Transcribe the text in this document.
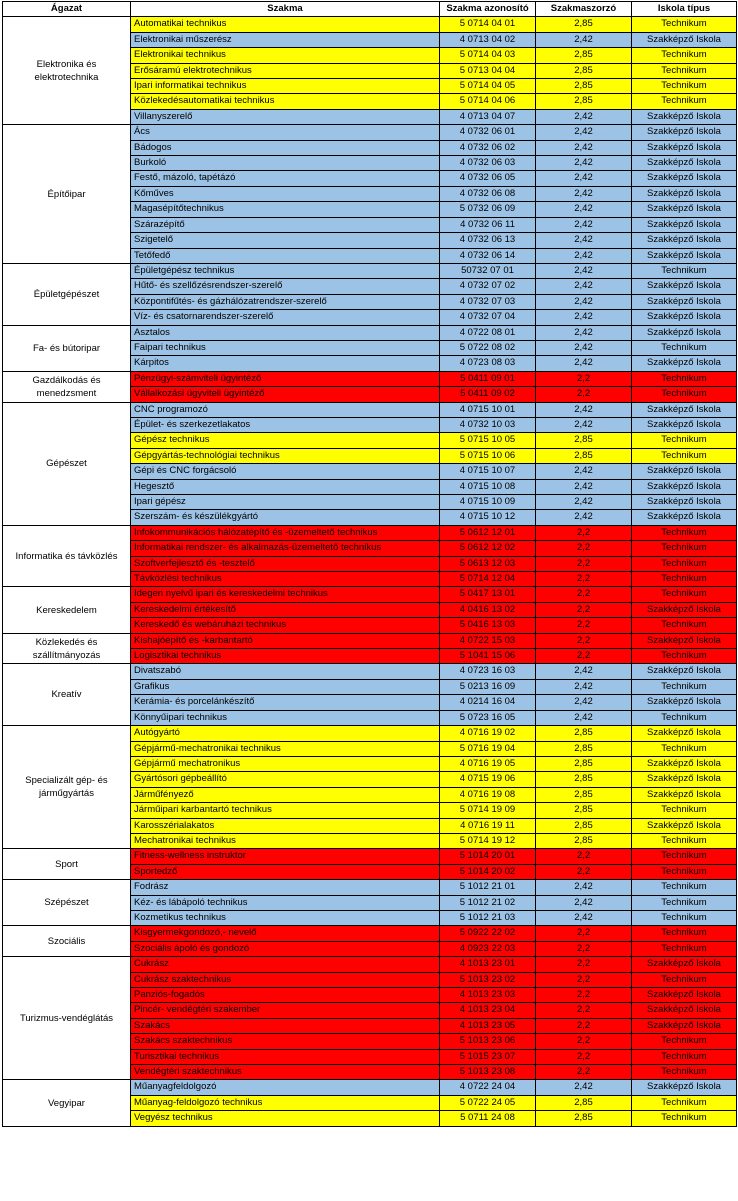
Ágazat	Szakma	Szakma azonosító	Szakmaszorzó	Iskola típus
Elektronika és elektrotechnika	Automatikai technikus	5 0714 04 01	2,85	Technikum
	Elektronikai műszerész	4 0713 04 02	2,42	Szakképző Iskola
	Elektronikai technikus	5 0714 04 03	2,85	Technikum
	Erősáramú elektrotechnikus	5 0713 04 04	2,85	Technikum
	Ipari informatikai technikus	5 0714 04 05	2,85	Technikum
	Közlekedésautomatikai technikus	5 0714 04 06	2,85	Technikum
	Villanyszerelő	4 0713 04 07	2,42	Szakképző Iskola
Építőipar	Ács	4 0732 06 01	2,42	Szakképző Iskola
	Bádogos	4 0732 06 02	2,42	Szakképző Iskola
	Burkoló	4 0732 06 03	2,42	Szakképző Iskola
	Festő, mázoló, tapétázó	4 0732 06 05	2,42	Szakképző Iskola
	Kőműves	4 0732 06 08	2,42	Szakképző Iskola
	Magasépítőtechnikus	5 0732 06 09	2,42	Szakképző Iskola
	Szárazépítő	4 0732 06 11	2,42	Szakképző Iskola
	Szigetelő	4 0732 06 13	2,42	Szakképző Iskola
	Tetőfedő	4 0732 06 14	2,42	Szakképző Iskola
Épületgépészet	Épületgépész technikus	50732 07 01	2,42	Technikum
	Hűtő- és szellőzésrendszer-szerelő	4 0732 07 02	2,42	Szakképző Iskola
	Központifűtés- és gázhálózatrendszer-szerelő	4 0732 07 03	2,42	Szakképző Iskola
	Víz- és csatornarendszer-szerelő	4 0732 07 04	2,42	Szakképző Iskola
Fa- és bútoripar	Asztalos	4 0722 08 01	2,42	Szakképző Iskola
	Faipari technikus	5 0722 08 02	2,42	Technikum
	Kárpitos	4 0723 08 03	2,42	Szakképző Iskola
Gazdálkodás és menedzsment	Pénzügyi-számviteli ügyintéző	5 0411 09 01	2,2	Technikum
	Vállalkozási ügyviteli ügyintéző	5 0411 09 02	2,2	Technikum
Gépészet	CNC programozó	4 0715 10 01	2,42	Szakképző Iskola
	Épület- és szerkezetlakatos	4 0732 10 03	2,42	Szakképző Iskola
	Gépész technikus	5 0715 10 05	2,85	Technikum
	Gépgyártás-technológiai technikus	5 0715 10 06	2,85	Technikum
	Gépi és CNC forgácsoló	4 0715 10 07	2,42	Szakképző Iskola
	Hegesztő	4 0715 10 08	2,42	Szakképző Iskola
	Ipari gépész	4 0715 10 09	2,42	Szakképző Iskola
	Szerszám- és készülékgyártó	4 0715 10 12	2,42	Szakképző Iskola
Informatika és távközlés	Infokommunikációs hálózatépítő és -üzemeltető technikus	5 0612 12 01	2,2	Technikum
	Informatikai rendszer- és alkalmazás-üzemeltető technikus	5 0612 12 02	2,2	Technikum
	Szoftverfejlesztő és -tesztelő	5 0613 12 03	2,2	Technikum
	Távközlési technikus	5 0714 12 04	2,2	Technikum
Kereskedelem	Idegen nyelvű ipari és kereskedelmi technikus	5 0417 13 01	2,2	Technikum
	Kereskedelmi értékesítő	4 0416 13 02	2,2	Szakképző Iskola
	Kereskedő és webáruházi technikus	5 0416 13 03	2,2	Technikum
Közlekedés és szállítmányozás	Kishajóépítő és -karbantartó	4 0722 15 03	2,2	Szakképző Iskola
	Logisztikai technikus	5 1041 15 06	2,2	Technikum
Kreatív	Divatszabó	4 0723 16 03	2,42	Szakképző Iskola
	Grafikus	5 0213 16 09	2,42	Technikum
	Kerámia- és porcelánkészítő	4 0214 16 04	2,42	Szakképző Iskola
	Könnyűipari technikus	5 0723 16 05	2,42	Technikum
Specializált gép- és járműgyártás	Autógyártó	4 0716 19 02	2,85	Szakképző Iskola
	Gépjármű-mechatronikai technikus	5 0716 19 04	2,85	Technikum
	Gépjármű mechatronikus	4 0716 19 05	2,85	Szakképző Iskola
	Gyártósori gépbeállító	4 0715 19 06	2,85	Szakképző Iskola
	Járműfényező	4 0716 19 08	2,85	Szakképző Iskola
	Járműipari karbantartó technikus	5 0714 19 09	2,85	Technikum
	Karosszérialakatos	4 0716 19 11	2,85	Szakképző Iskola
	Mechatronikai technikus	5 0714 19 12	2,85	Technikum
Sport	Fitness-wellness instruktor	5 1014 20 01	2,2	Technikum
	Sportedző	5 1014 20 02	2,2	Technikum
Szépészet	Fodrász	5 1012 21 01	2,42	Technikum
	Kéz- és lábápoló technikus	5 1012 21 02	2,42	Technikum
	Kozmetikus technikus	5 1012 21 03	2,42	Technikum
Szociális	Kisgyermekgondozó,- nevelő	5 0922 22 02	2,2	Technikum
	Szociális ápoló és gondozó	4 0923 22 03	2,2	Technikum
Turizmus-vendéglátás	Cukrász	4 1013 23 01	2,2	Szakképző Iskola
	Cukrász szaktechnikus	5 1013 23 02	2,2	Technikum
	Panziós-fogadós	4 1013 23 03	2,2	Szakképző Iskola
	Pincér- vendégtéri szakember	4 1013 23 04	2,2	Szakképző Iskola
	Szakács	4 1013 23 05	2,2	Szakképző Iskola
	Szakács szaktechnikus	5 1013 23 06	2,2	Technikum
	Turisztikai technikus	5 1015 23 07	2,2	Technikum
	Vendégtéri szaktechnikus	5 1013 23 08	2,2	Technikum
Vegyipar	Műanyagfeldolgozó	4 0722 24 04	2,42	Szakképző Iskola
	Műanyag-feldolgozó technikus	5 0722 24 05	2,85	Technikum
	Vegyész technikus	5 0711 24 08	2,85	Technikum
